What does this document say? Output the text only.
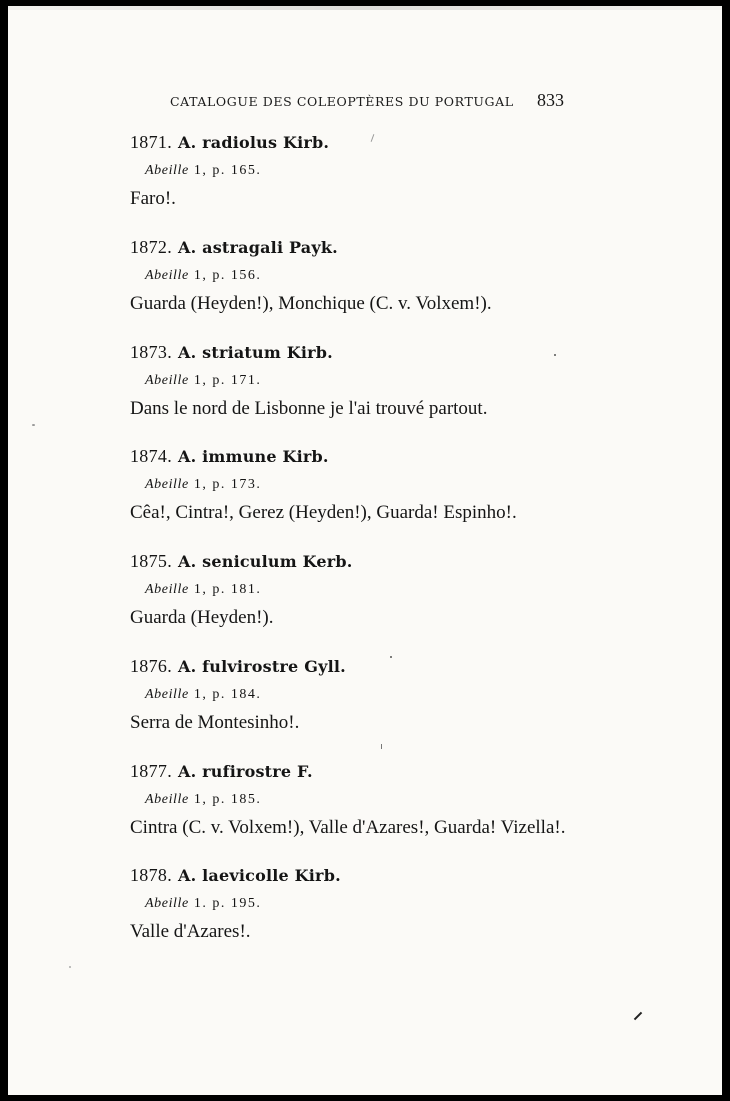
CATALOGUE DES COLEOPTÈRES DU PORTUGAL 833
1871. A. radiolus Kirb.
Abeille 1, p. 165.
Faro!.
1872. A. astragali Payk.
Abeille 1, p. 156.
Guarda (Heyden!), Monchique (C. v. Volxem!).
1873. A. striatum Kirb.
Abeille 1, p. 171.
Dans le nord de Lisbonne je l'ai trouvé partout.
1874. A. immune Kirb.
Abeille 1, p. 173.
Cêa!, Cintra!, Gerez (Heyden!), Guarda! Espinho!.
1875. A. seniculum Kerb.
Abeille 1, p. 181.
Guarda (Heyden!).
1876. A. fulvirostre Gyll.
Abeille 1, p. 184.
Serra de Montesinho!.
1877. A. rufirostre F.
Abeille 1, p. 185.
Cintra (C. v. Volxem!), Valle d'Azares!, Guarda! Vizella!.
1878. A. laevicolle Kirb.
Abeille 1. p. 195.
Valle d'Azares!.
